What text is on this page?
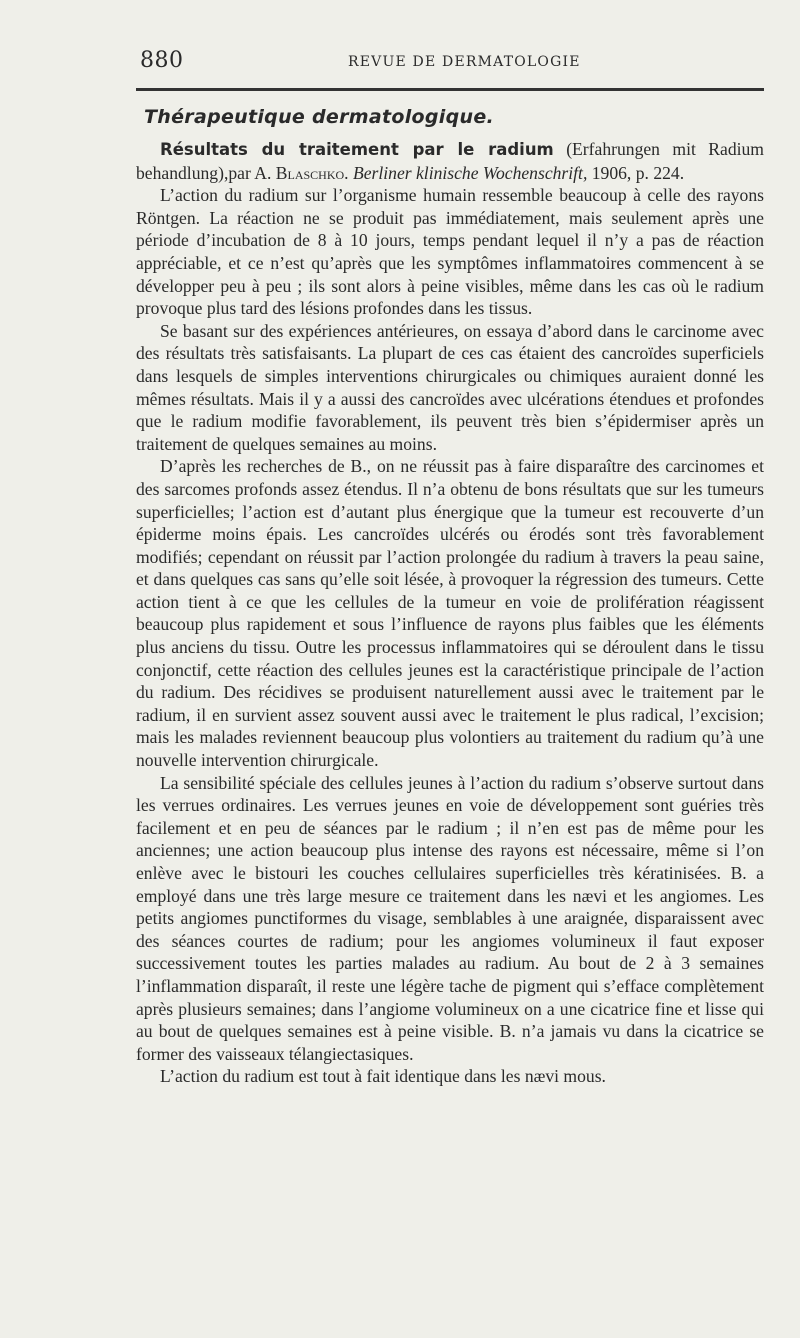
880	REVUE DE DERMATOLOGIE
Thérapeutique dermatologique.

Résultats du traitement par le radium (Erfahrungen mit Radium behandlung),par A. Blaschko. Berliner klinische Wochenschrift, 1906, p. 224.

L’action du radium sur l’organisme humain ressemble beaucoup à celle des rayons Röntgen. La réaction ne se produit pas immédiatement, mais seulement après une période d’incubation de 8 à 10 jours, temps pendant lequel il n’y a pas de réaction appréciable, et ce n’est qu’après que les symptômes inflammatoires commencent à se développer peu à peu ; ils sont alors à peine visibles, même dans les cas où le radium provoque plus tard des lésions profondes dans les tissus.

Se basant sur des expériences antérieures, on essaya d’abord dans le carcinome avec des résultats très satisfaisants. La plupart de ces cas étaient des cancroïdes superficiels dans lesquels de simples interventions chirurgicales ou chimiques auraient donné les mêmes résultats. Mais il y a aussi des cancroïdes avec ulcérations étendues et profondes que le radium modifie favorablement, ils peuvent très bien s’épidermiser après un traitement de quelques semaines au moins.

D’après les recherches de B., on ne réussit pas à faire disparaître des carcinomes et des sarcomes profonds assez étendus. Il n’a obtenu de bons résultats que sur les tumeurs superficielles; l’action est d’autant plus énergique que la tumeur est recouverte d’un épiderme moins épais. Les cancroïdes ulcérés ou érodés sont très favorablement modifiés; cependant on réussit par l’action prolongée du radium à travers la peau saine, et dans quelques cas sans qu’elle soit lésée, à provoquer la régression des tumeurs. Cette action tient à ce que les cellules de la tumeur en voie de prolifération réagissent beaucoup plus rapidement et sous l’influence de rayons plus faibles que les éléments plus anciens du tissu. Outre les processus inflammatoires qui se déroulent dans le tissu conjonctif, cette réaction des cellules jeunes est la caractéristique principale de l’action du radium. Des récidives se produisent naturellement aussi avec le traitement par le radium, il en survient assez souvent aussi avec le traitement le plus radical, l’excision; mais les malades reviennent beaucoup plus volontiers au traitement du radium qu’à une nouvelle intervention chirurgicale.

La sensibilité spéciale des cellules jeunes à l’action du radium s’observe surtout dans les verrues ordinaires. Les verrues jeunes en voie de développement sont guéries très facilement et en peu de séances par le radium ; il n’en est pas de même pour les anciennes; une action beaucoup plus intense des rayons est nécessaire, même si l’on enlève avec le bistouri les couches cellulaires superficielles très kératinisées. B. a employé dans une très large mesure ce traitement dans les nævi et les angiomes. Les petits angiomes punctiformes du visage, semblables à une araignée, disparaissent avec des séances courtes de radium; pour les angiomes volumineux il faut exposer successivement toutes les parties malades au radium. Au bout de 2 à 3 semaines l’inflammation disparaît, il reste une légère tache de pigment qui s’efface complètement après plusieurs semaines; dans l’angiome volumineux on a une cicatrice fine et lisse qui au bout de quelques semaines est à peine visible. B. n’a jamais vu dans la cicatrice se former des vaisseaux télangiectasiques.

L’action du radium est tout à fait identique dans les nævi mous.
